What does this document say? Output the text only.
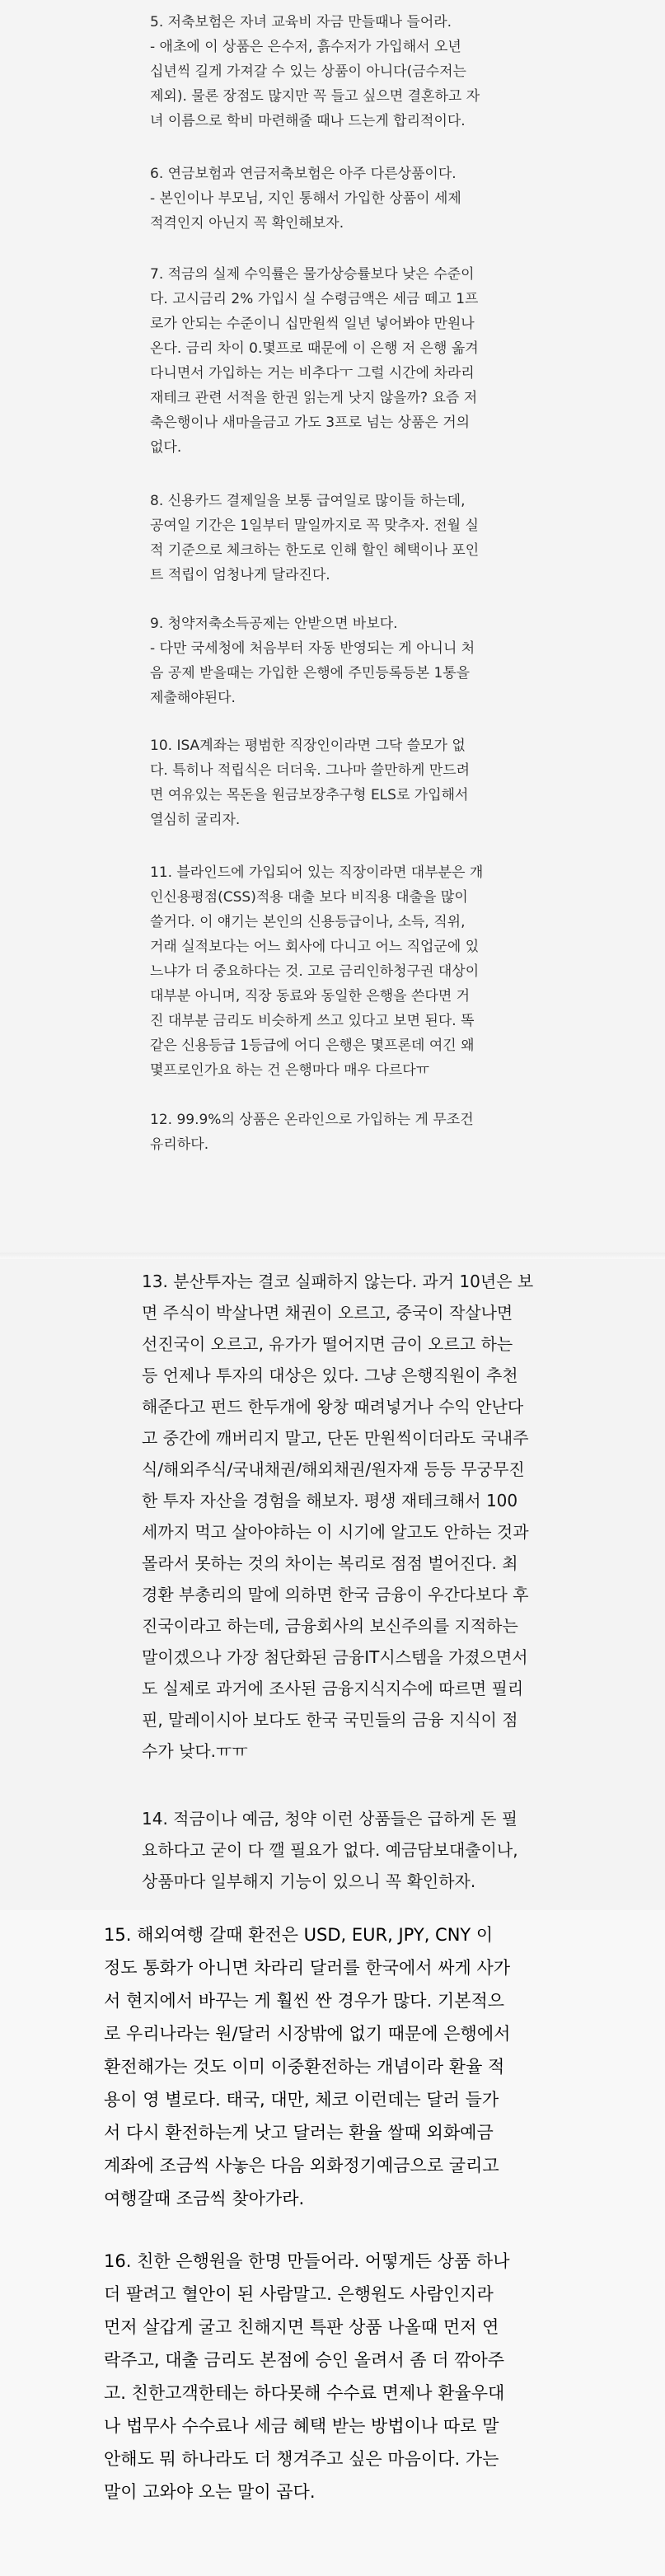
5. 저축보험은 자녀 교육비 자금 만들때나 들어라.
- 애초에 이 상품은 은수저, 흙수저가 가입해서 오년
십년씩 길게 가져갈 수 있는 상품이 아니다(금수저는
제외). 물론 장점도 많지만 꼭 들고 싶으면 결혼하고 자
녀 이름으로 학비 마련해줄 때나 드는게 합리적이다.
6. 연금보험과 연금저축보험은 아주 다른상품이다.
- 본인이나 부모님, 지인 통해서 가입한 상품이 세제
적격인지 아닌지 꼭 확인해보자.
7. 적금의 실제 수익률은 물가상승률보다 낮은 수준이
다. 고시금리 2% 가입시 실 수령금액은 세금 떼고 1프
로가 안되는 수준이니 십만원씩 일년 넣어봐야 만원나
온다. 금리 차이 0.몇프로 때문에 이 은행 저 은행 옮겨
다니면서 가입하는 거는 비추다ㅜ 그럴 시간에 차라리
재테크 관련 서적을 한권 읽는게 낫지 않을까? 요즘 저
축은행이나 새마을금고 가도 3프로 넘는 상품은 거의
없다.
8. 신용카드 결제일을 보통 급여일로 많이들 하는데,
공여일 기간은 1일부터 말일까지로 꼭 맞추자. 전월 실
적 기준으로 체크하는 한도로 인해 할인 혜택이나 포인
트 적립이 엄청나게 달라진다.
9. 청약저축소득공제는 안받으면 바보다.
- 다만 국세청에 처음부터 자동 반영되는 게 아니니 처
음 공제 받을때는 가입한 은행에 주민등록등본 1통을
제출해야된다.
10. ISA계좌는 평범한 직장인이라면 그닥 쓸모가 없
다. 특히나 적립식은 더더욱. 그나마 쓸만하게 만드려
면 여유있는 목돈을 원금보장추구형 ELS로 가입해서
열심히 굴리자.
11. 블라인드에 가입되어 있는 직장이라면 대부분은 개
인신용평점(CSS)적용 대출 보다 비직용 대출을 많이
쓸거다. 이 얘기는 본인의 신용등급이나, 소득, 직위,
거래 실적보다는 어느 회사에 다니고 어느 직업군에 있
느냐가 더 중요하다는 것. 고로 금리인하청구권 대상이
대부분 아니며, 직장 동료와 동일한 은행을 쓴다면 거
진 대부분 금리도 비슷하게 쓰고 있다고 보면 된다. 똑
같은 신용등급 1등급에 어디 은행은 몇프론데 여긴 왜
몇프로인가요 하는 건 은행마다 매우 다르다ㅠ
12. 99.9%의 상품은 온라인으로 가입하는 게 무조건
유리하다.
13. 분산투자는 결코 실패하지 않는다. 과거 10년은 보
면 주식이 박살나면 채권이 오르고, 중국이 작살나면
선진국이 오르고, 유가가 떨어지면 금이 오르고 하는
등 언제나 투자의 대상은 있다. 그냥 은행직원이 추천
해준다고 펀드 한두개에 왕창 때려넣거나 수익 안난다
고 중간에 깨버리지 말고, 단돈 만원씩이더라도 국내주
식/해외주식/국내채권/해외채권/원자재 등등 무궁무진
한 투자 자산을 경험을 해보자. 평생 재테크해서 100
세까지 먹고 살아야하는 이 시기에 알고도 안하는 것과
몰라서 못하는 것의 차이는 복리로 점점 벌어진다. 최
경환 부총리의 말에 의하면 한국 금융이 우간다보다 후
진국이라고 하는데, 금융회사의 보신주의를 지적하는
말이겠으나 가장 첨단화된 금융IT시스템을 가졌으면서
도 실제로 과거에 조사된 금융지식지수에 따르면 필리
핀, 말레이시아 보다도 한국 국민들의 금융 지식이 점
수가 낮다.ㅠㅠ
14. 적금이나 예금, 청약 이런 상품들은 급하게 돈 필
요하다고 굳이 다 깰 필요가 없다. 예금담보대출이나,
상품마다 일부해지 기능이 있으니 꼭 확인하자.
15. 해외여행 갈때 환전은 USD, EUR, JPY, CNY 이
정도 통화가 아니면 차라리 달러를 한국에서 싸게 사가
서 현지에서 바꾸는 게 훨씬 싼 경우가 많다. 기본적으
로 우리나라는 원/달러 시장밖에 없기 때문에 은행에서
환전해가는 것도 이미 이중환전하는 개념이라 환율 적
용이 영 별로다. 태국, 대만, 체코 이런데는 달러 들가
서 다시 환전하는게 낫고 달러는 환율 쌀때 외화예금
계좌에 조금씩 사놓은 다음 외화정기예금으로 굴리고
여행갈때 조금씩 찾아가라.
16. 친한 은행원을 한명 만들어라. 어떻게든 상품 하나
더 팔려고 혈안이 된 사람말고. 은행원도 사람인지라
먼저 살갑게 굴고 친해지면 특판 상품 나올때 먼저 연
락주고, 대출 금리도 본점에 승인 올려서 좀 더 깎아주
고. 친한고객한테는 하다못해 수수료 면제나 환율우대
나 법무사 수수료나 세금 혜택 받는 방법이나 따로 말
안해도 뭐 하나라도 더 챙겨주고 싶은 마음이다. 가는
말이 고와야 오는 말이 곱다.
